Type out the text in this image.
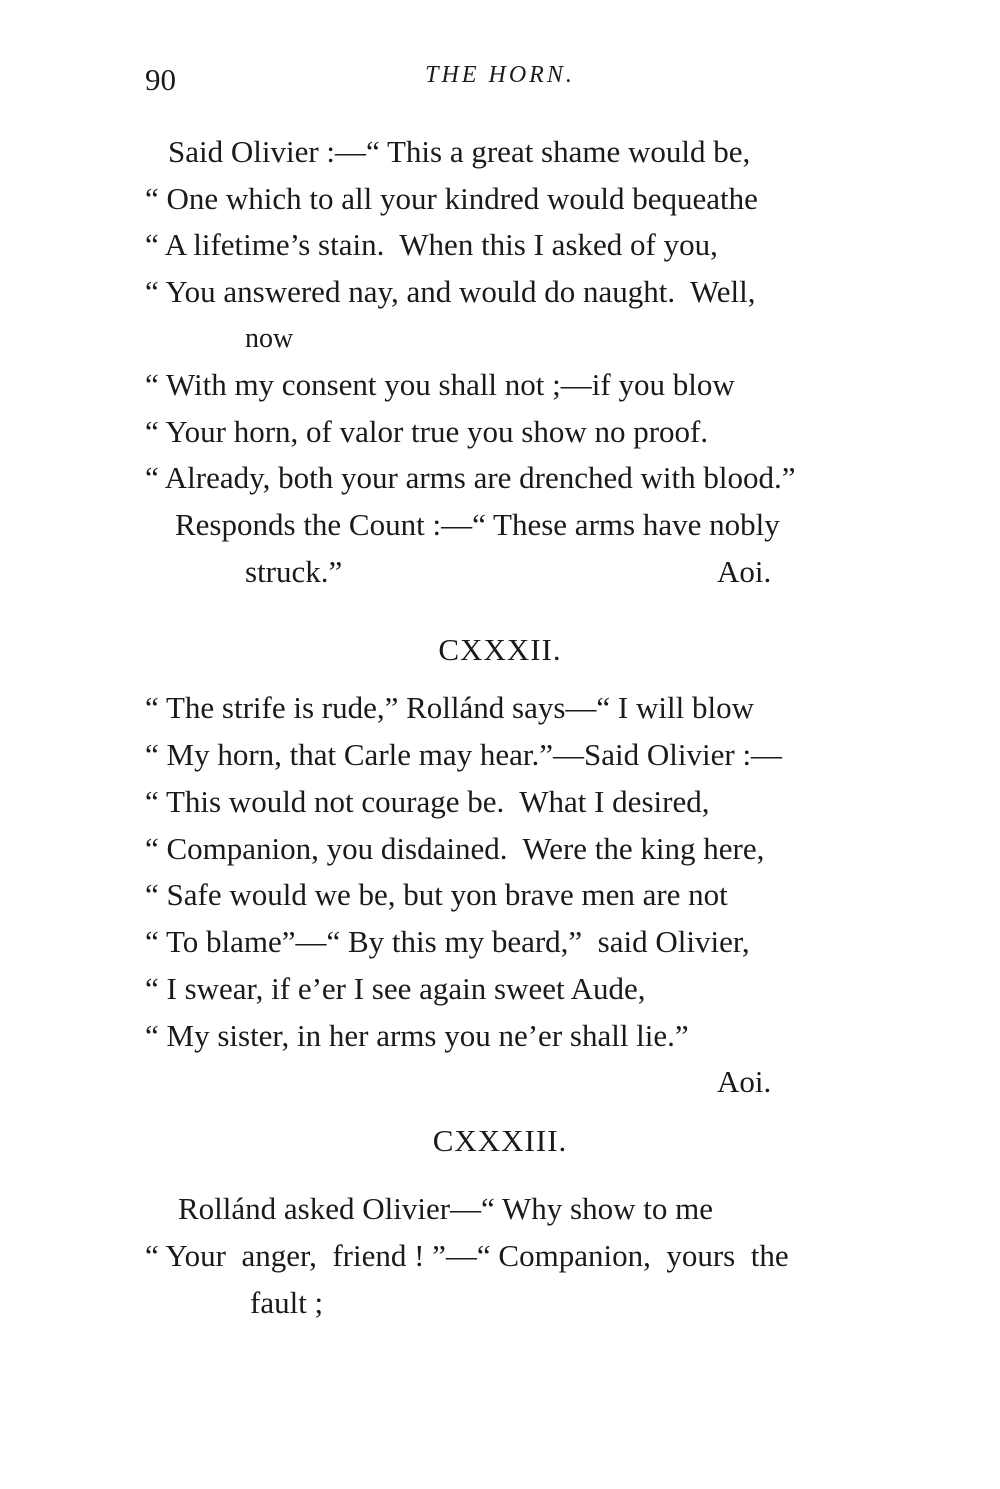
90	THE HORN.
Said Olivier :—“ This a great shame would be,
“ One which to all your kindred would bequeathe
“ A lifetime’s stain.  When this I asked of you,
“ You answered nay, and would do naught.  Well,
now
“ With my consent you shall not ;—if you blow
“ Your horn, of valor true you show no proof.
“ Already, both your arms are drenched with blood.”
Responds the Count :—“ These arms have nobly
struck.”	Aoi.
CXXXII.
“ The strife is rude,” Rollánd says—“ I will blow
“ My horn, that Carle may hear.”—Said Olivier :—
“ This would not courage be.  What I desired,
“ Companion, you disdained.  Were the king here,
“ Safe would we be, but yon brave men are not
“ To blame”—“ By this my beard,”  said Olivier,
“ I swear, if e’er I see again sweet Aude,
“ My sister, in her arms you ne’er shall lie.”
Aoi.
CXXXIII.
Rollánd asked Olivier—“ Why show to me
“ Your  anger,  friend ! ”—“ Companion,  yours  the
fault ;
